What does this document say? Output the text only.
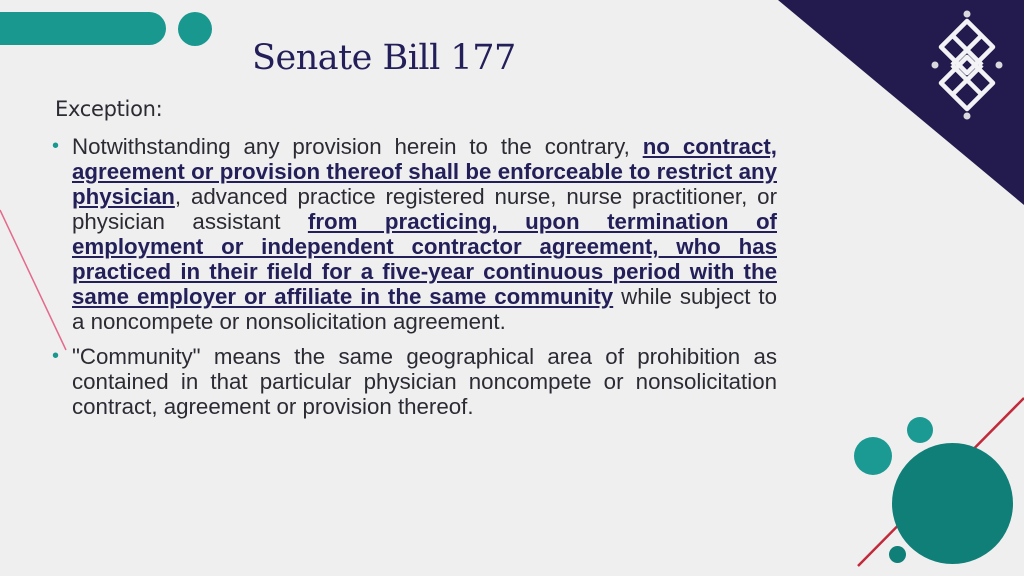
Senate Bill 177
Exception:
• Notwithstanding any provision herein to the contrary, no contract, agreement or provision thereof shall be enforceable to restrict any physician, advanced practice registered nurse, nurse practitioner, or physician assistant from practicing, upon termination of employment or independent contractor agreement, who has practiced in their field for a five-year continuous period with the same employer or affiliate in the same community while subject to a noncompete or nonsolicitation agreement.
• "Community" means the same geographical area of prohibition as contained in that particular physician noncompete or nonsolicitation contract, agreement or provision thereof.
